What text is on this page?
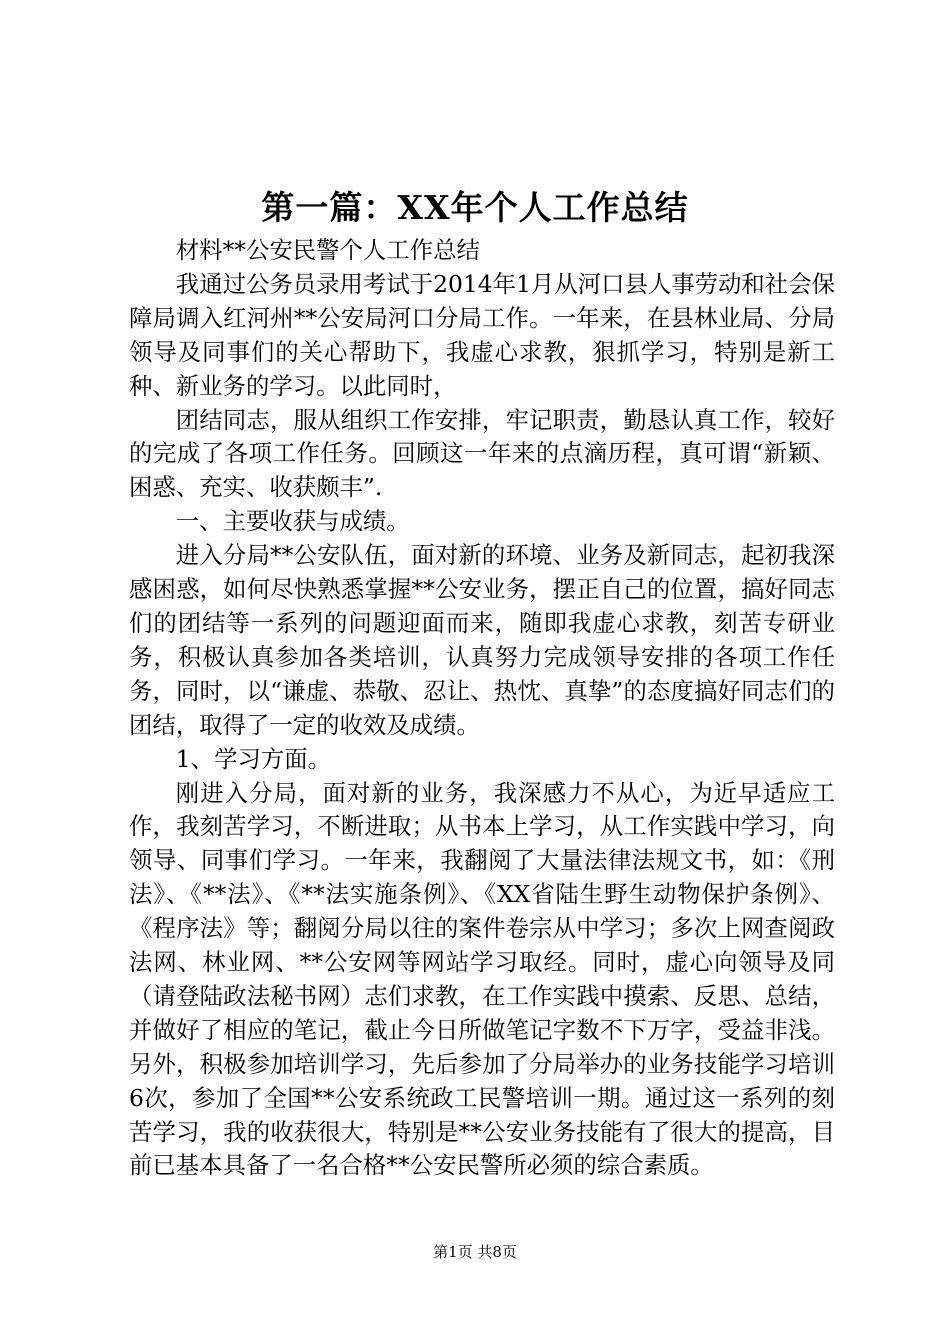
第一篇：XX年个人工作总结

材料**公安民警个人工作总结

我通过公务员录用考试于2014年1月从河口县人事劳动和社会保障局调入红河州**公安局河口分局工作。一年来，在县林业局、分局领导及同事们的关心帮助下，我虚心求教，狠抓学习，特别是新工种、新业务的学习。以此同时，

团结同志，服从组织工作安排，牢记职责，勤恳认真工作，较好的完成了各项工作任务。回顾这一年来的点滴历程，真可谓“新颖、困惑、充实、收获颇丰”.

一、主要收获与成绩。

进入分局**公安队伍，面对新的环境、业务及新同志，起初我深感困惑，如何尽快熟悉掌握**公安业务，摆正自己的位置，搞好同志们的团结等一系列的问题迎面而来，随即我虚心求教，刻苦专研业务，积极认真参加各类培训，认真努力完成领导安排的各项工作任务，同时，以“谦虚、恭敬、忍让、热忱、真挚”的态度搞好同志们的团结，取得了一定的收效及成绩。

1、学习方面。

刚进入分局，面对新的业务，我深感力不从心，为近早适应工作，我刻苦学习，不断进取；从书本上学习，从工作实践中学习，向领导、同事们学习。一年来，我翻阅了大量法律法规文书，如：《刑法》、《**法》、《**法实施条例》、《XX省陆生野生动物保护条例》、《程序法》等；翻阅分局以往的案件卷宗从中学习；多次上网查阅政法网、林业网、**公安网等网站学习取经。同时，虚心向领导及同（请登陆政法秘书网）志们求教，在工作实践中摸索、反思、总结，并做好了相应的笔记，截止今日所做笔记字数不下万字，受益非浅。另外，积极参加培训学习，先后参加了分局举办的业务技能学习培训6次，参加了全国**公安系统政工民警培训一期。通过这一系列的刻苦学习，我的收获很大，特别是**公安业务技能有了很大的提高，目前已基本具备了一名合格**公安民警所必须的综合素质。

第1页 共8页
